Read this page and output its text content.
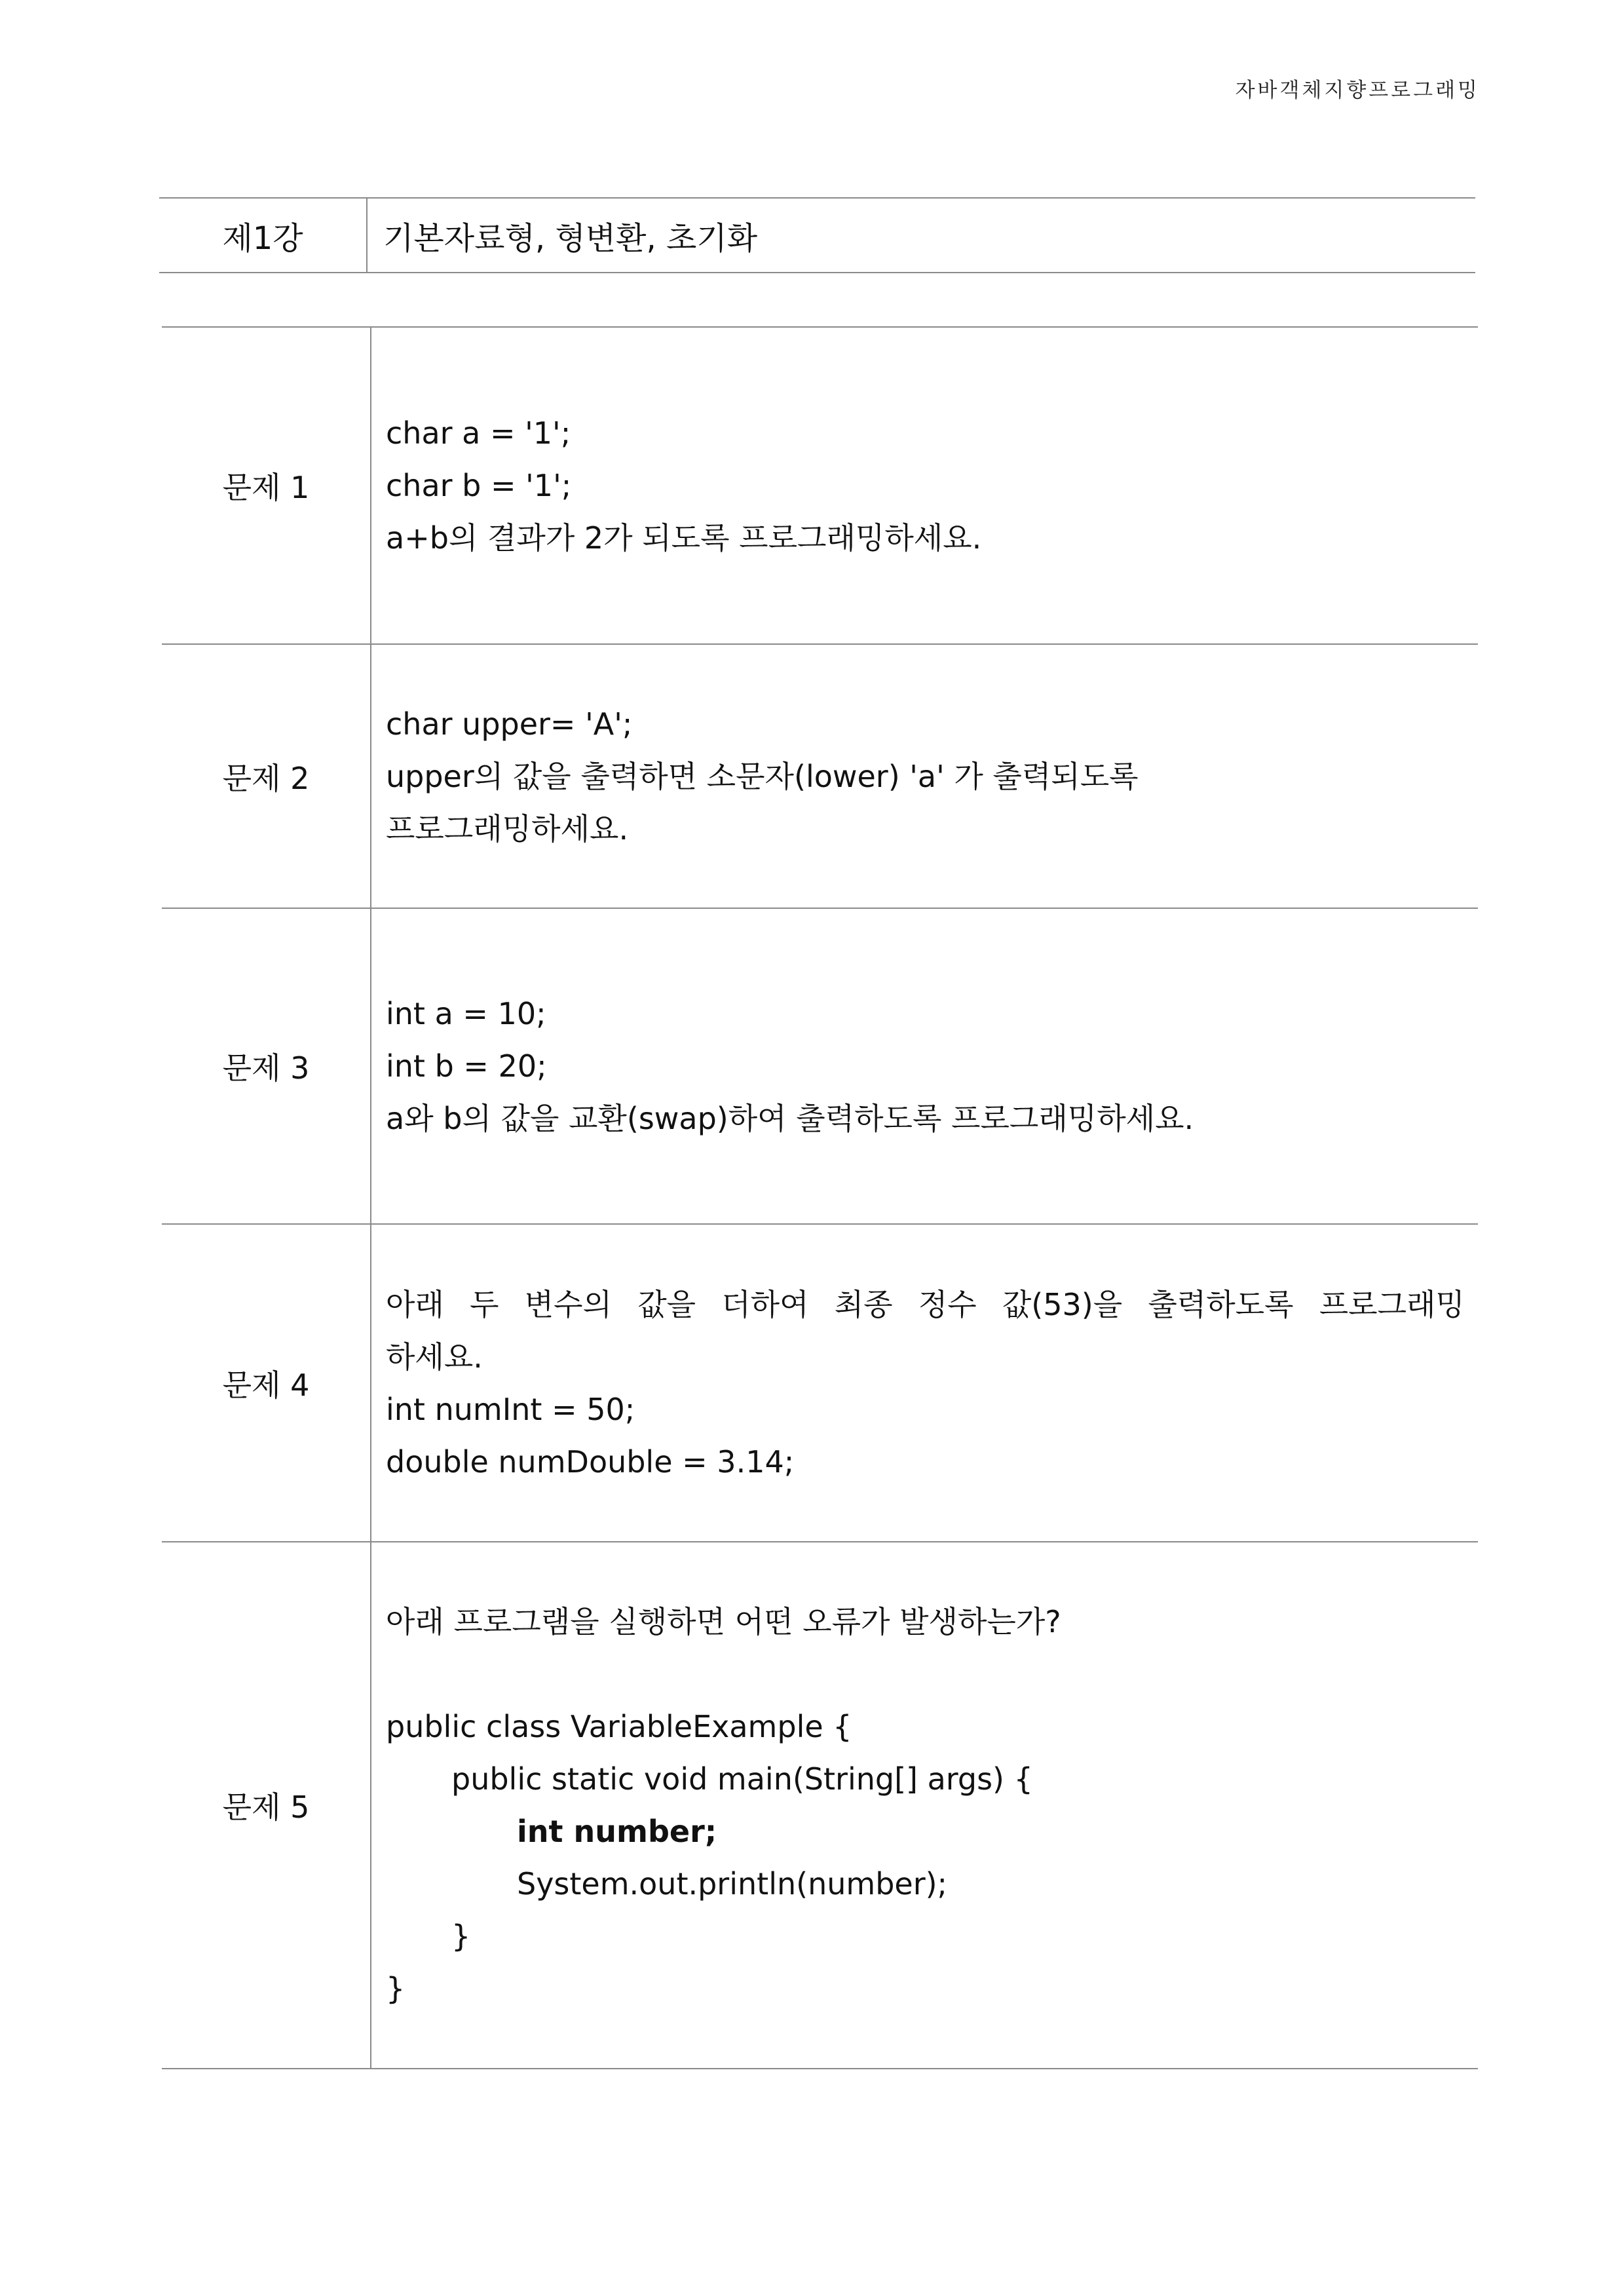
자바객체지향프로그래밍
제1강	기본자료형, 형변환, 초기화
문제 1
char a = '1';
char b = '1';
a+b의 결과가 2가 되도록 프로그래밍하세요.
문제 2
char upper= 'A';
upper의 값을 출력하면 소문자(lower) 'a' 가 출력되도록
프로그래밍하세요.
문제 3
int a = 10;
int b = 20;
a와 b의 값을 교환(swap)하여 출력하도록 프로그래밍하세요.
문제 4
아래 두 변수의 값을 더하여 최종 정수 값(53)을 출력하도록 프로그래밍
하세요.
int numInt = 50;
double numDouble = 3.14;
문제 5
아래 프로그램을 실행하면 어떤 오류가 발생하는가?
public class VariableExample {
public static void main(String[] args) {
int number;
System.out.println(number);
}
}
